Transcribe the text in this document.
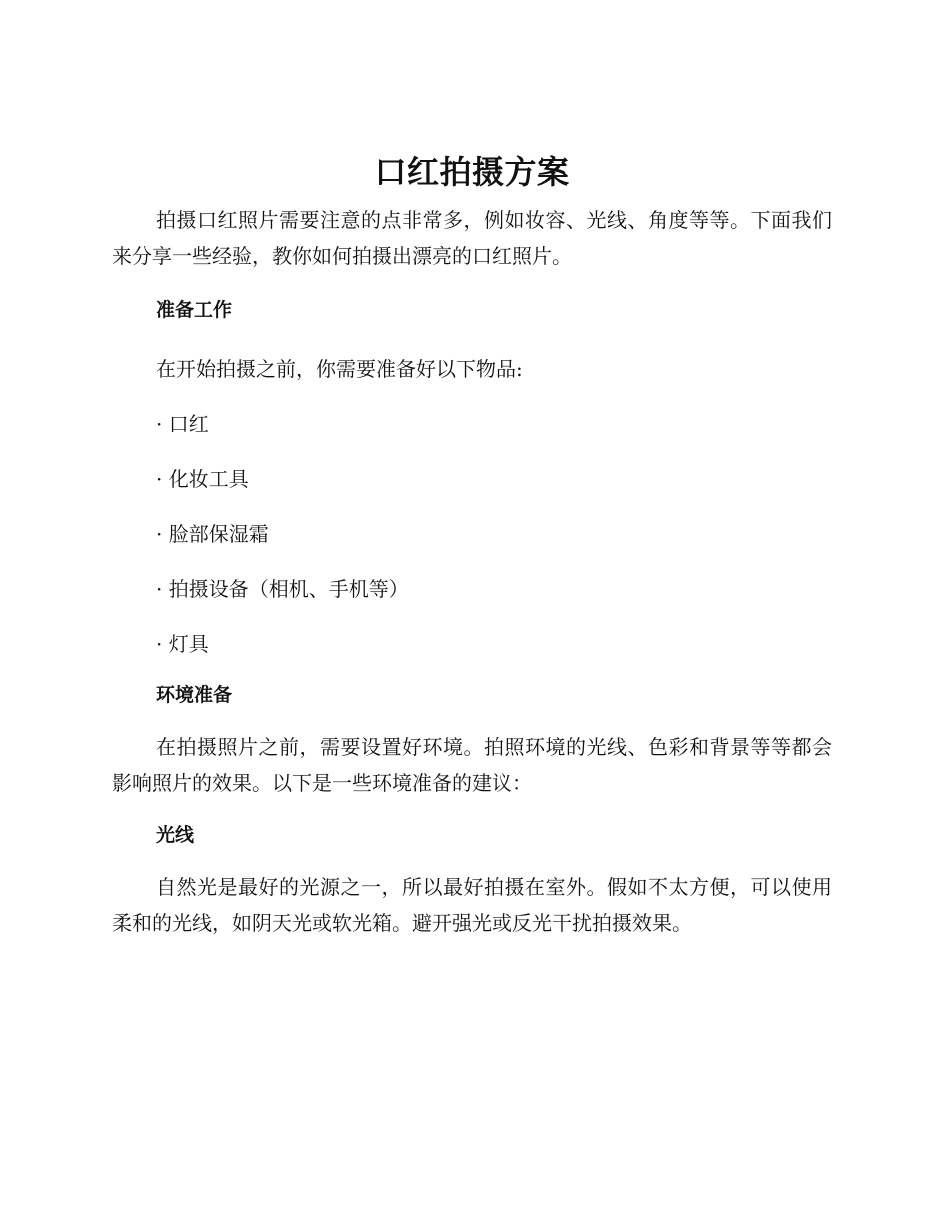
口红拍摄方案

拍摄口红照片需要注意的点非常多，例如妆容、光线、角度等等。下面我们来分享一些经验，教你如何拍摄出漂亮的口红照片。

准备工作

在开始拍摄之前，你需要准备好以下物品:

· 口红
· 化妆工具
· 脸部保湿霜
· 拍摄设备（相机、手机等）
· 灯具
环境准备

在拍摄照片之前，需要设置好环境。拍照环境的光线、色彩和背景等等都会影响照片的效果。以下是一些环境准备的建议：

光线

自然光是最好的光源之一，所以最好拍摄在室外。假如不太方便，可以使用柔和的光线，如阴天光或软光箱。避开强光或反光干扰拍摄效果。
